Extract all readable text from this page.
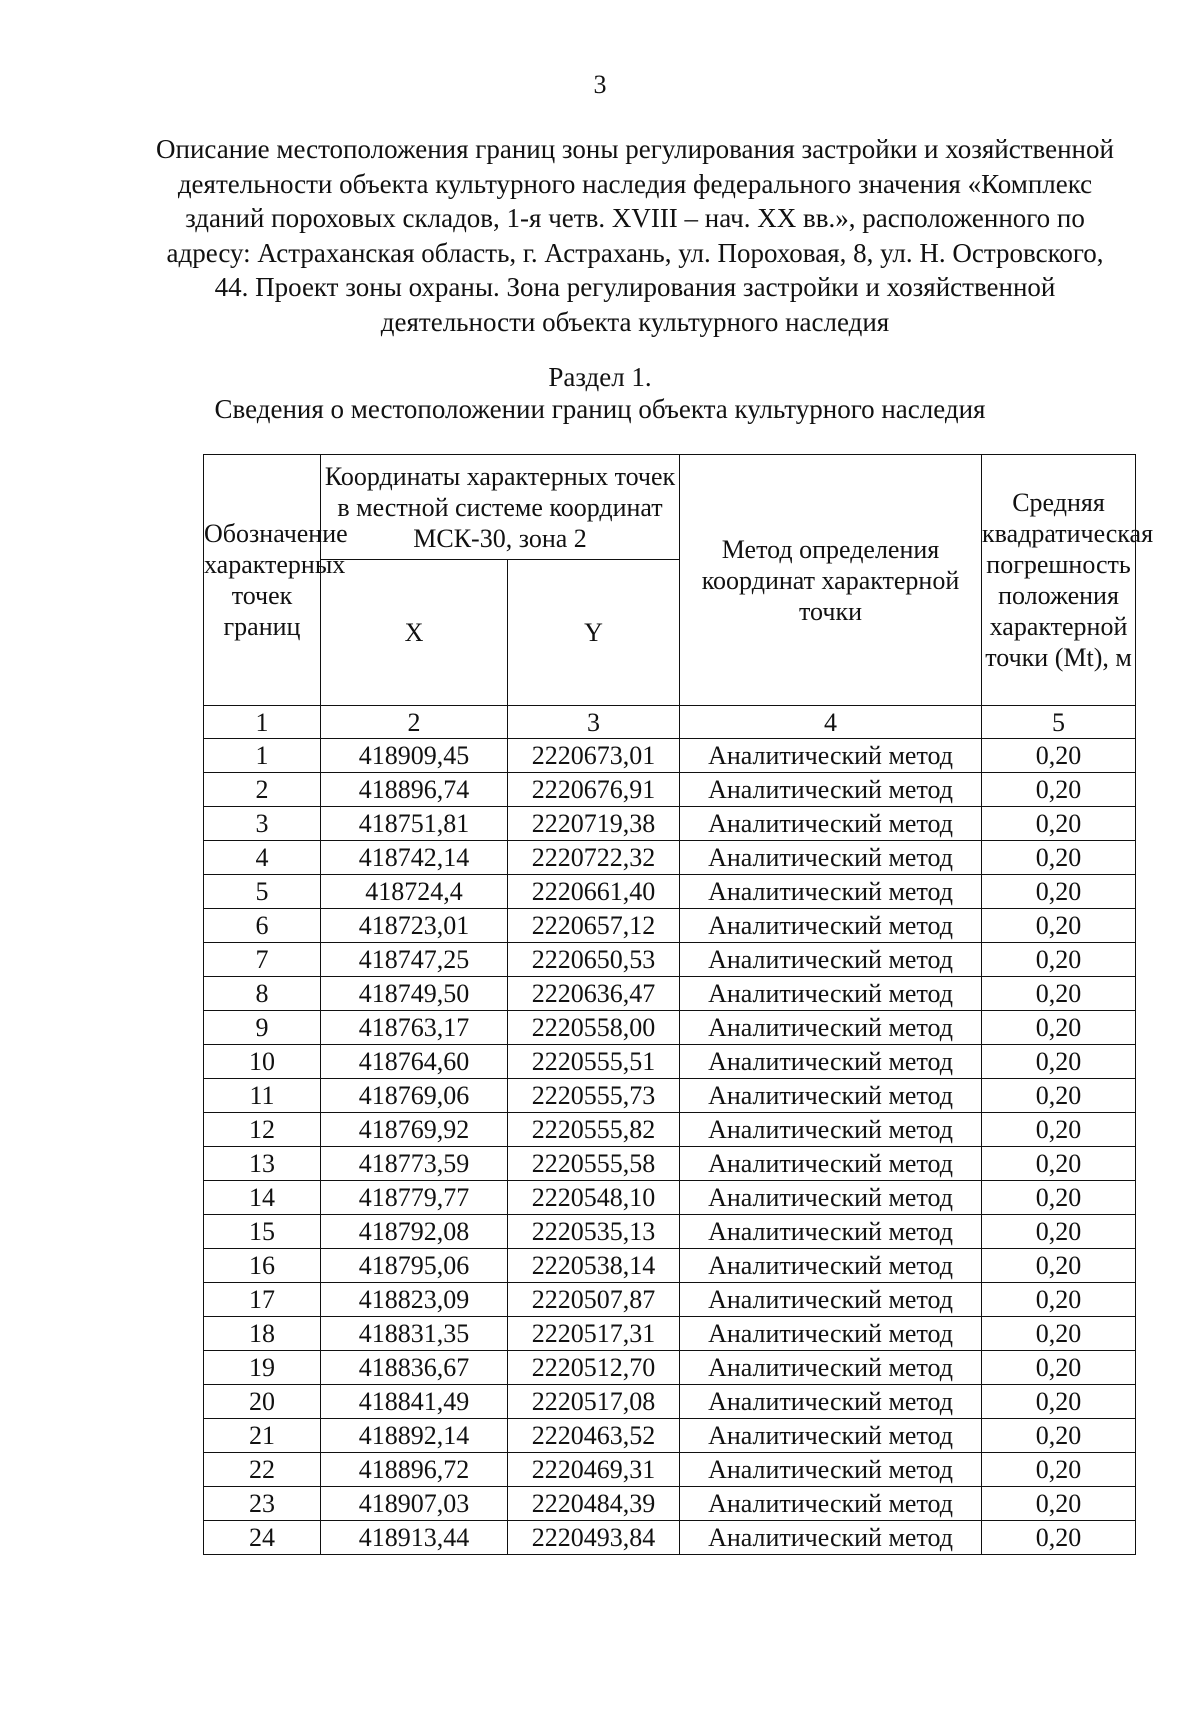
3
Описание местоположения границ зоны регулирования застройки и хозяйственной деятельности объекта культурного наследия федерального значения «Комплекс зданий пороховых складов, 1-я четв. XVIII – нач. XX вв.», расположенного по адресу: Астраханская область, г. Астрахань, ул. Пороховая, 8, ул. Н. Островского, 44. Проект зоны охраны. Зона регулирования застройки и хозяйственной деятельности объекта культурного наследия
Раздел 1.
Сведения о местоположении границ объекта культурного наследия
Обозначение характерных точек границ	Координаты характерных точек в местной системе координат МСК-30, зона 2		Метод определения координат характерной точки	Средняя квадратическая погрешность положения характерной точки (Mt), м
	X	Y		
1	2	3	4	5
1	418909,45	2220673,01	Аналитический метод	0,20
2	418896,74	2220676,91	Аналитический метод	0,20
3	418751,81	2220719,38	Аналитический метод	0,20
4	418742,14	2220722,32	Аналитический метод	0,20
5	418724,4	2220661,40	Аналитический метод	0,20
6	418723,01	2220657,12	Аналитический метод	0,20
7	418747,25	2220650,53	Аналитический метод	0,20
8	418749,50	2220636,47	Аналитический метод	0,20
9	418763,17	2220558,00	Аналитический метод	0,20
10	418764,60	2220555,51	Аналитический метод	0,20
11	418769,06	2220555,73	Аналитический метод	0,20
12	418769,92	2220555,82	Аналитический метод	0,20
13	418773,59	2220555,58	Аналитический метод	0,20
14	418779,77	2220548,10	Аналитический метод	0,20
15	418792,08	2220535,13	Аналитический метод	0,20
16	418795,06	2220538,14	Аналитический метод	0,20
17	418823,09	2220507,87	Аналитический метод	0,20
18	418831,35	2220517,31	Аналитический метод	0,20
19	418836,67	2220512,70	Аналитический метод	0,20
20	418841,49	2220517,08	Аналитический метод	0,20
21	418892,14	2220463,52	Аналитический метод	0,20
22	418896,72	2220469,31	Аналитический метод	0,20
23	418907,03	2220484,39	Аналитический метод	0,20
24	418913,44	2220493,84	Аналитический метод	0,20
